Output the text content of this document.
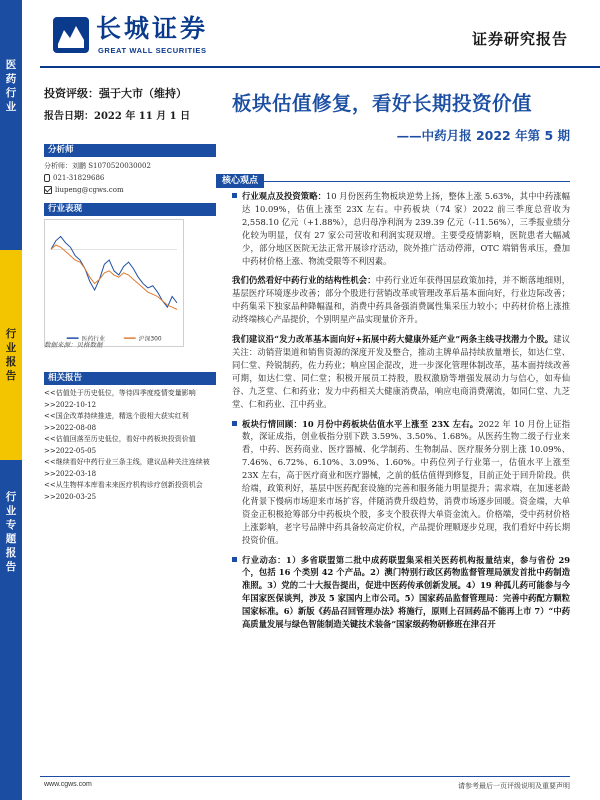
长城证券
GREAT WALL SECURITIES
证券研究报告
医药行业
行业报告
行业专题报告
投资评级：强于大市（维持）
报告日期：2022 年 11 月 1 日
分析师
分析师：刘鹏 S1070520030002
021-31829686
liupeng@cgws.com
行业表现
医药行业	沪深300
数据来源：贝格数据
相关报告
<<估值处于历史低位，等待四季度疫情变量影响>>2022-10-12
<<国企改革持续推进，精选个股相大获实红利>>2022-08-08
<<估值回落至历史低位，看好中药板块投资价值>>2022-05-05
<<继续看好中药行业三条主线，建议品种关注连续被>>2022-03-18
<<从生物样本库看未来医疗机构诊疗创新投资机会>>2020-03-25
板块估值修复，看好长期投资价值
——中药月报 2022 年第 5 期
核心观点

行业观点及投资策略：10 月份医药生物板块逆势上扬，整体上涨 5.63%，其中中药涨幅达 10.09%，估值上涨至 23X 左右。中药板块（74 家）2022 前三季度总营收为 2,558.10 亿元（+1.88%），总归母净利润为 239.39 亿元（-11.56%），三季报业绩分化较为明显，仅有 27 家公司营收和利润实现双增。主要受疫情影响，医院患者大幅减少，部分地区医院无法正常开展诊疗活动，院外推广活动停滞，OTC 端销售承压，叠加中药材价格上涨、物流受限等不利因素。

我们仍然看好中药行业的结构性机会：中药行业近年获得国层政策加持，并不断落地细则，基层医疗环境逐步改善；部分个股进行营销改革或管理改革后基本面向好，行业边际改善；中药集采下独家品种降幅温和，消费中药具备强消费属性集采压力较小；中药材价格上涨推动终端核心产品提价，个别明星产品实现量价齐升。

我们建议沿“发力改革基本面向好+拓展中药大健康外延产业”两条主线寻找潜力个股。建议关注：动销营渠道和销售资源的深度开发及整合，推动主牌单品持续放量增长，如达仁堂、同仁堂、羚锐制药，佐力药业；响应国企混改，进一步深化管理体制改革，基本面持续改善可期，如达仁堂、同仁堂；积极开展员工持股，股权激励等增强发展动力与信心，如寿仙谷、九芝堂、仁和药业；发力中药相关大健康消费品，响应电商消费潮流，如同仁堂、九芝堂、仁和药业、江中药业。

板块行情回顾：10 月份中药板块估值水平上涨至 23X 左右。2022 年 10 月份上证指数，深证成指，创业板指分别下跌 3.59%、3.50%、1.68%。从医药生物二级子行业来看，中药、医药商业、医疗器械、化学制药、生物制品、医疗服务分别上涨 10.09%、7.46%、6.72%、6.10%、3.09%、1.60%。中药位列子行业第一，估值水平上涨至 23X 左右，高于医疗商业和医疗器械，之前的低估值得到修复，目前正处于回升阶段。供给端，政策利好，基层中医药配套设施的完善和服务能力明显提升；需求端，在加速老龄化背景下慢病市场迎来市场扩容，伴随消费升级趋势，消费市场逐步回暖。资金端，大单资金正积极抢筹部分中药板块个股，多支个股获得大单资金流入。价格端，受中药材价格上涨影响，老字号品牌中药具备较高定价权，产品提价理顺逐步兑现，我们看好中药长期投资价值。

行业动态：1）多省联盟第二批中成药联盟集采相关医药机构报量结束，参与省份 29 个，包括 16 个类别 42 个产品。2）澳门特别行政区药物监督管理局颁发首批中药制造准照。3）党的二十大报告提出，促进中医药传承创新发展。4）19 种孤儿药可能参与今年国家医保谈判，涉及 5 家国内上市公司。5）国家药品监督管理局：完善中药配方颗粒国家标准。6）新版《药品召回管理办法》将施行，原则上召回药品不能再上市 7）“中药高质量发展与绿色智能制造关键技术装备”国家级药物研修班在津召开

www.cgws.com	请参考最后一页评级说明及重要声明
